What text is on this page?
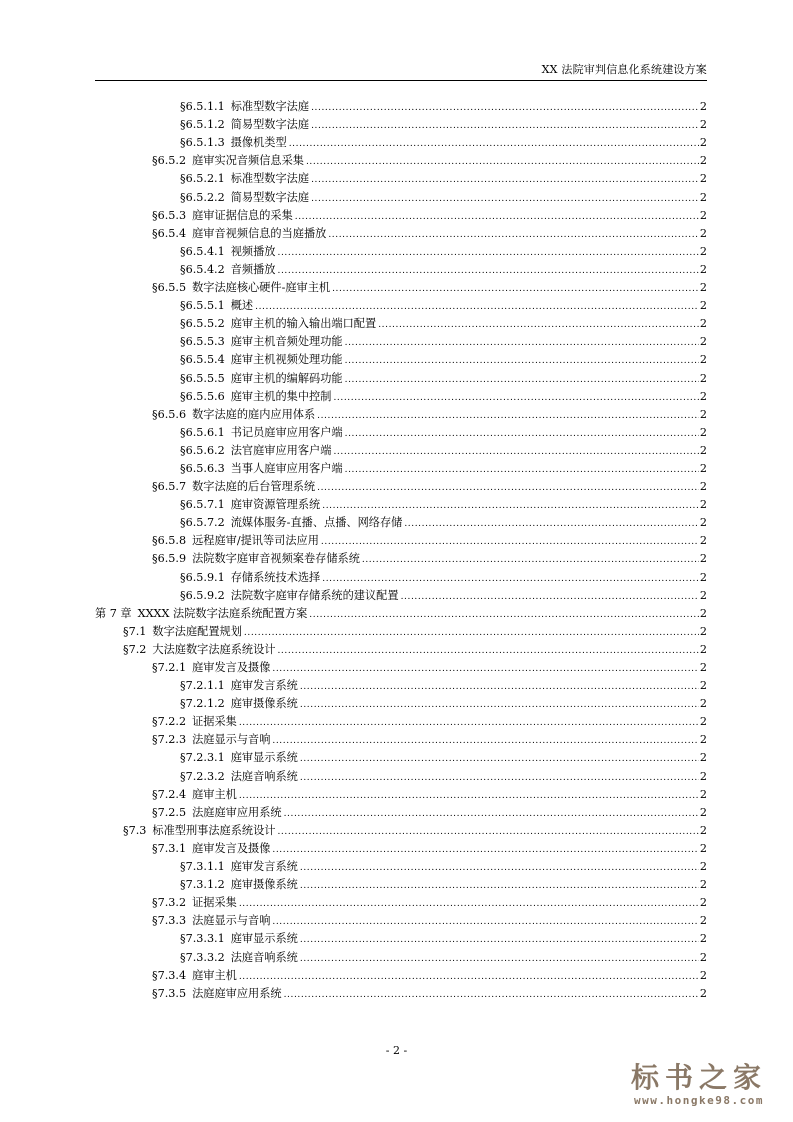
XX 法院审判信息化系统建设方案
§6.5.1.1 标准型数字法庭 .....	2
§6.5.1.2 简易型数字法庭 .....	2
§6.5.1.3 摄像机类型 .....	2
§6.5.2 庭审实况音频信息采集 .....	2
§6.5.2.1 标准型数字法庭 .....	2
§6.5.2.2 简易型数字法庭 .....	2
§6.5.3 庭审证据信息的采集 .....	2
§6.5.4 庭审音视频信息的当庭播放 .....	2
§6.5.4.1 视频播放 .....	2
§6.5.4.2 音频播放 .....	2
§6.5.5 数字法庭核心硬件-庭审主机 .....	2
§6.5.5.1 概述 .....	2
§6.5.5.2 庭审主机的输入输出端口配置 .....	2
§6.5.5.3 庭审主机音频处理功能 .....	2
§6.5.5.4 庭审主机视频处理功能 .....	2
§6.5.5.5 庭审主机的编解码功能 .....	2
§6.5.5.6 庭审主机的集中控制 .....	2
§6.5.6 数字法庭的庭内应用体系 .....	2
§6.5.6.1 书记员庭审应用客户端 .....	2
§6.5.6.2 法官庭审应用客户端 .....	2
§6.5.6.3 当事人庭审应用客户端 .....	2
§6.5.7 数字法庭的后台管理系统 .....	2
§6.5.7.1 庭审资源管理系统 .....	2
§6.5.7.2 流媒体服务-直播、点播、网络存储 .....	2
§6.5.8 远程庭审/提讯等司法应用 .....	2
§6.5.9 法院数字庭审音视频案卷存储系统 .....	2
§6.5.9.1 存储系统技术选择 .....	2
§6.5.9.2 法院数字庭审存储系统的建议配置 .....	2
第 7 章 XXXX 法院数字法庭系统配置方案 .....	2
§7.1 数字法庭配置规划 .....	2
§7.2 大法庭数字法庭系统设计 .....	2
§7.2.1 庭审发言及摄像 .....	2
§7.2.1.1 庭审发言系统 .....	2
§7.2.1.2 庭审摄像系统 .....	2
§7.2.2 证据采集 .....	2
§7.2.3 法庭显示与音响 .....	2
§7.2.3.1 庭审显示系统 .....	2
§7.2.3.2 法庭音响系统 .....	2
§7.2.4 庭审主机 .....	2
§7.2.5 法庭庭审应用系统 .....	2
§7.3 标准型刑事法庭系统设计 .....	2
§7.3.1 庭审发言及摄像 .....	2
§7.3.1.1 庭审发言系统 .....	2
§7.3.1.2 庭审摄像系统 .....	2
§7.3.2 证据采集 .....	2
§7.3.3 法庭显示与音响 .....	2
§7.3.3.1 庭审显示系统 .....	2
§7.3.3.2 法庭音响系统 .....	2
§7.3.4 庭审主机 .....	2
§7.3.5 法庭庭审应用系统 .....	2
- 2 -
标书之家
www.hongke98.com
